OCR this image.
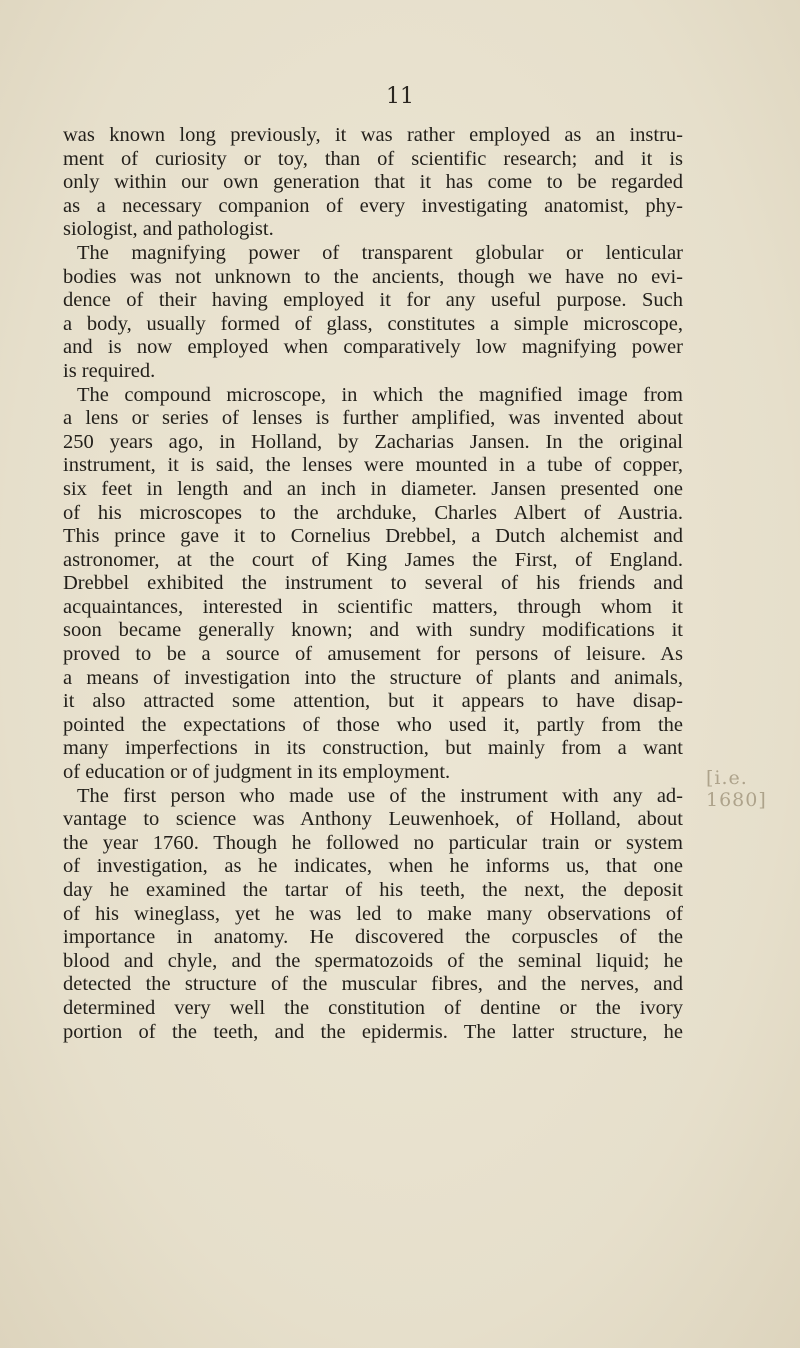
11
was known long previously, it was rather employed as an instru-
ment of curiosity or toy, than of scientific research; and it is
only within our own generation that it has come to be regarded
as a necessary companion of every investigating anatomist, phy-
siologist, and pathologist.
The magnifying power of transparent globular or lenticular
bodies was not unknown to the ancients, though we have no evi-
dence of their having employed it for any useful purpose. Such
a body, usually formed of glass, constitutes a simple microscope,
and is now employed when comparatively low magnifying power
is required.
The compound microscope, in which the magnified image from
a lens or series of lenses is further amplified, was invented about
250 years ago, in Holland, by Zacharias Jansen. In the original
instrument, it is said, the lenses were mounted in a tube of copper,
six feet in length and an inch in diameter. Jansen presented one
of his microscopes to the archduke, Charles Albert of Austria.
This prince gave it to Cornelius Drebbel, a Dutch alchemist and
astronomer, at the court of King James the First, of England.
Drebbel exhibited the instrument to several of his friends and
acquaintances, interested in scientific matters, through whom it
soon became generally known; and with sundry modifications it
proved to be a source of amusement for persons of leisure. As
a means of investigation into the structure of plants and animals,
it also attracted some attention, but it appears to have disap-
pointed the expectations of those who used it, partly from the
many imperfections in its construction, but mainly from a want
of education or of judgment in its employment.
The first person who made use of the instrument with any ad-
vantage to science was Anthony Leuwenhoek, of Holland, about
the year 1760. Though he followed no particular train or system
of investigation, as he indicates, when he informs us, that one
day he examined the tartar of his teeth, the next, the deposit
of his wineglass, yet he was led to make many observations of
importance in anatomy. He discovered the corpuscles of the
blood and chyle, and the spermatozoids of the seminal liquid; he
detected the structure of the muscular fibres, and the nerves, and
determined very well the constitution of dentine or the ivory
portion of the teeth, and the epidermis. The latter structure, he
[i.e. 1680]
